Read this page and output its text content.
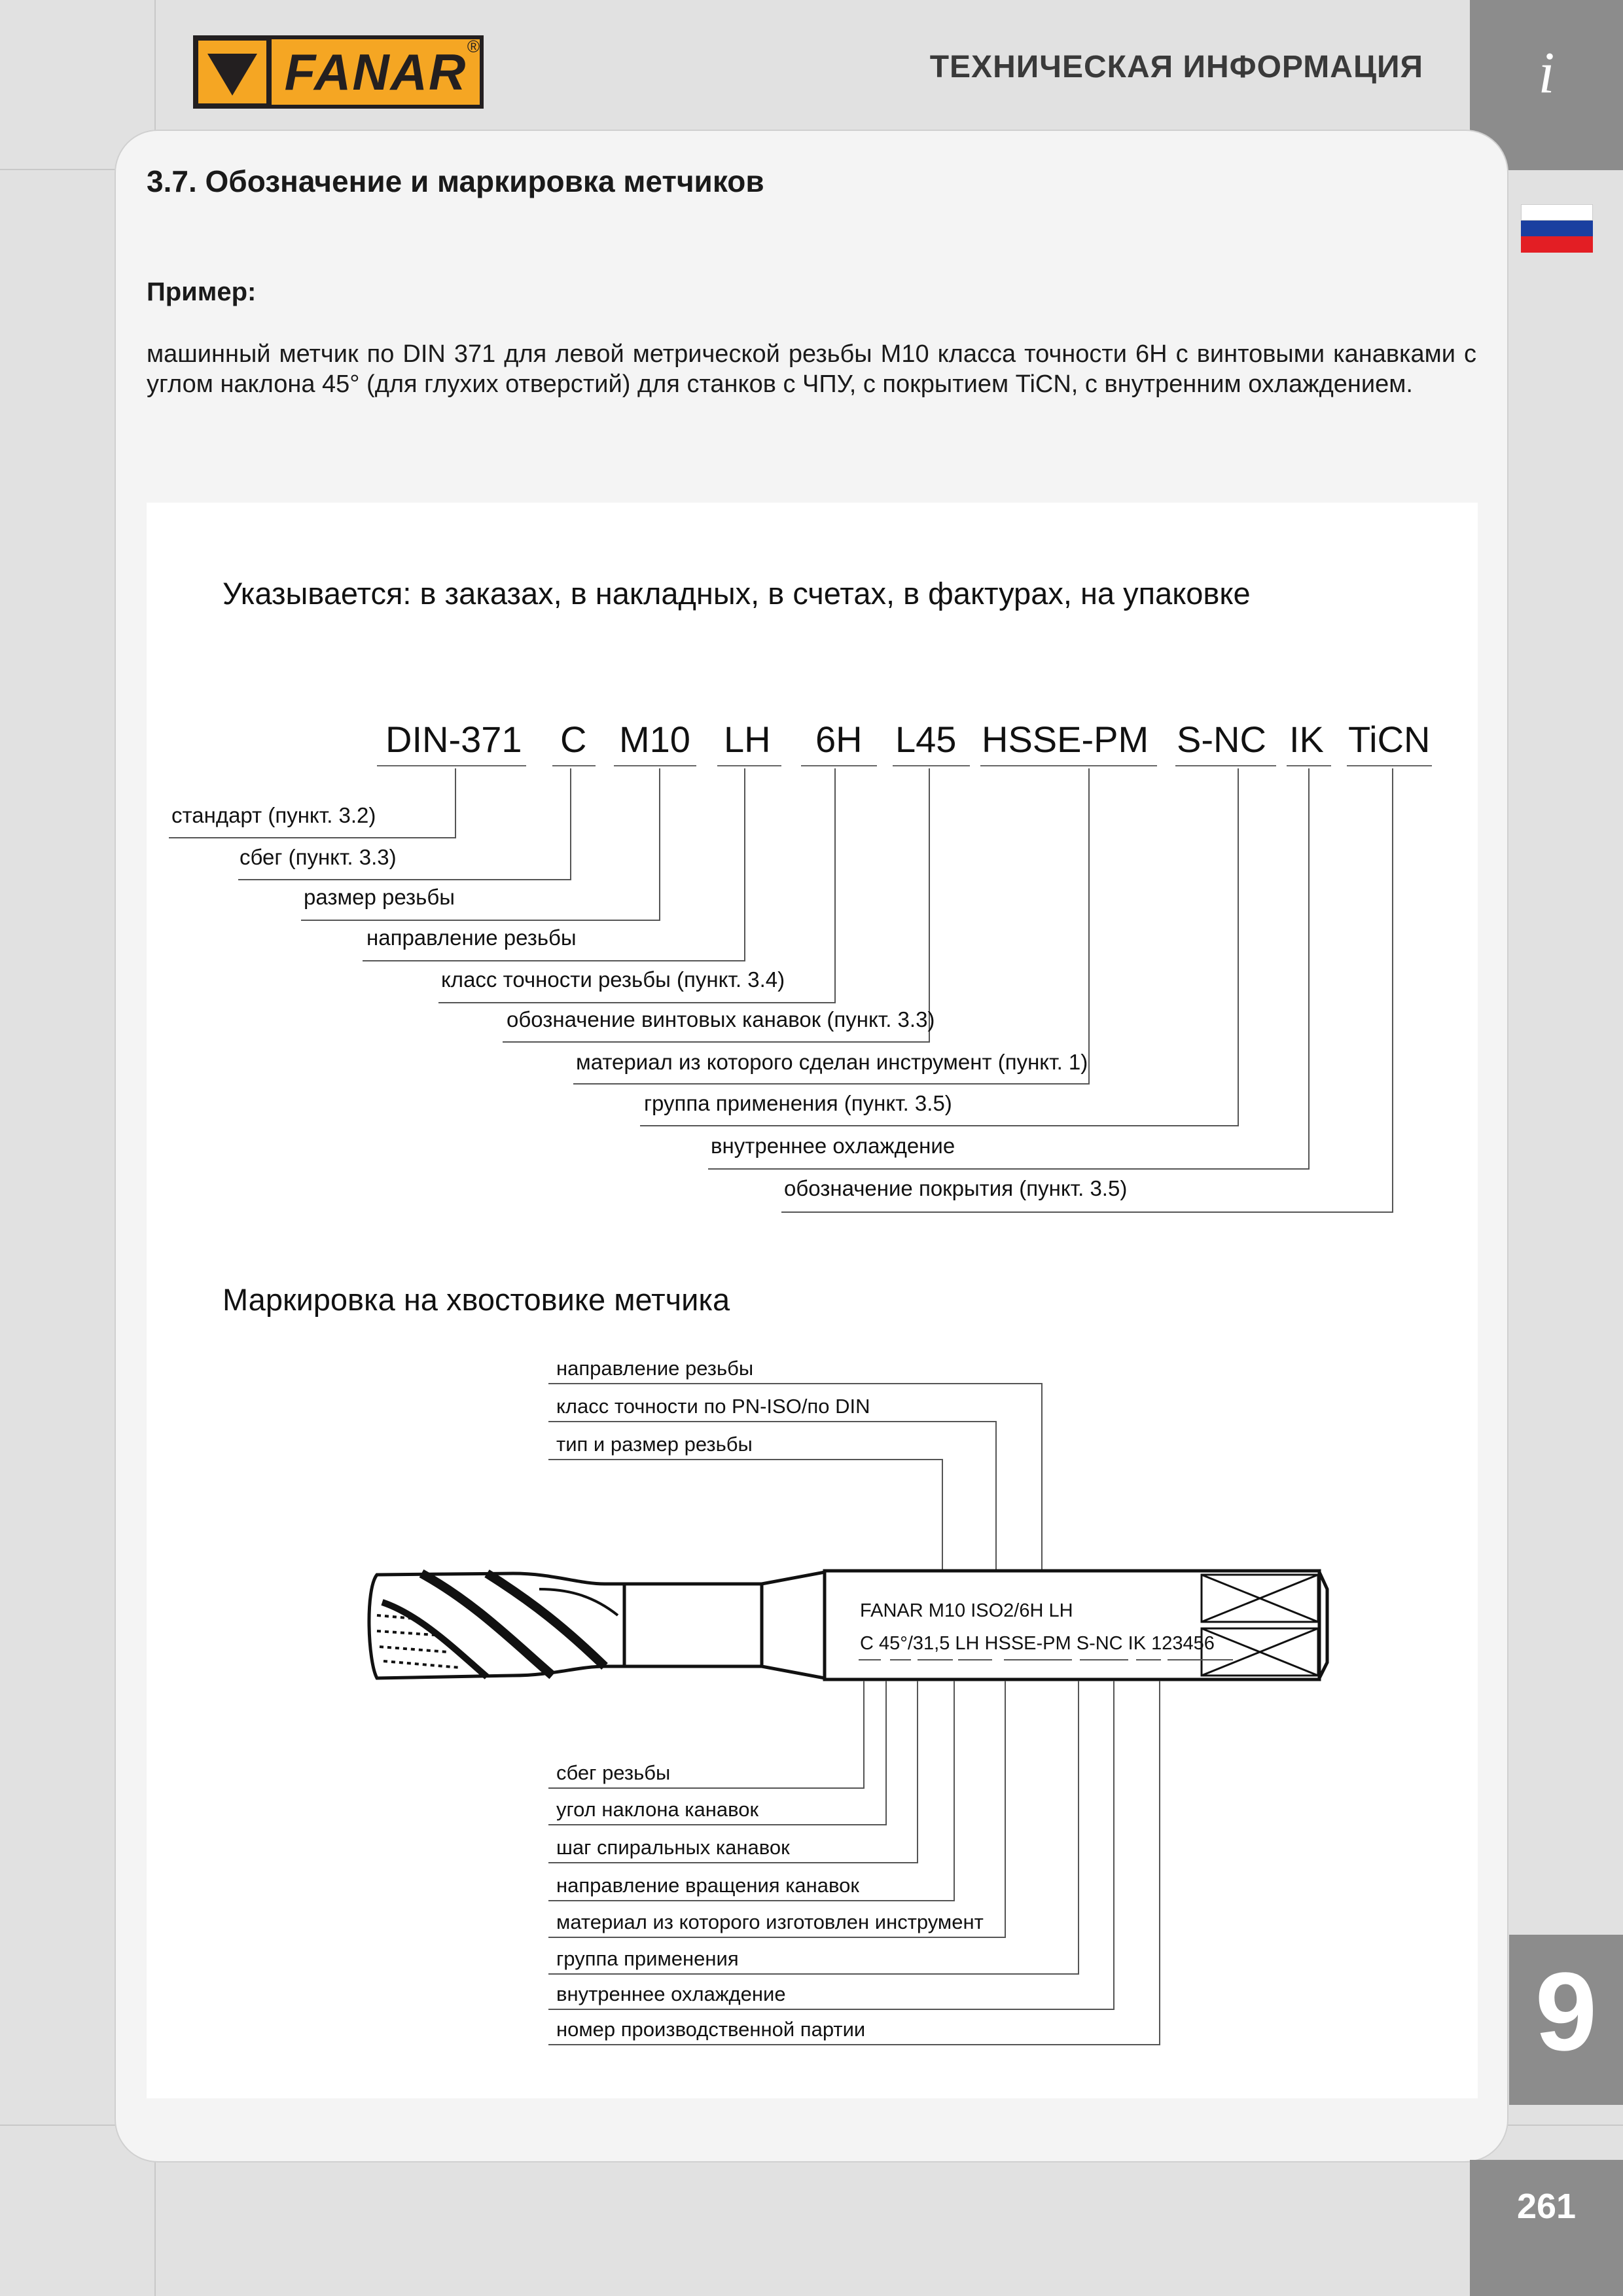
FANAR ®
ТЕХНИЧЕСКАЯ ИНФОРМАЦИЯ	i
3.7. Обозначение и маркировка метчиков
Пример:
машинный метчик по DIN 371 для левой метрической резьбы M10 класса точности 6H с винтовыми канавками с углом наклона 45° (для глухих отверстий) для станков с ЧПУ, с покрытием TiCN, с внутренним охлаждением.
Указывается: в заказах, в накладных, в счетах, в фактурах, на упаковке
DIN-371 C M10 LH 6H L45 HSSE-PM S-NC IK TiCN
стандарт (пункт. 3.2)
сбег (пункт. 3.3)
размер резьбы
направление резьбы
класс точности резьбы (пункт. 3.4)
обозначение винтовых канавок (пункт. 3.3)
материал из которого сделан инструмент (пункт. 1)
группа применения (пункт. 3.5)
внутреннее охлаждение
обозначение покрытия (пункт. 3.5)
Маркировка на хвостовике метчика
направление резьбы
класс точности по PN-ISO/по DIN
тип и размер резьбы
FANAR M10 ISO2/6H LH
C 45°/31,5 LH HSSE-PM S-NC IK 123456
сбег резьбы
угол наклона канавок
шаг спиральных канавок
направление вращения канавок
материал из которого изготовлен инструмент
группа применения
внутреннее охлаждение
номер производственной партии	9
261
